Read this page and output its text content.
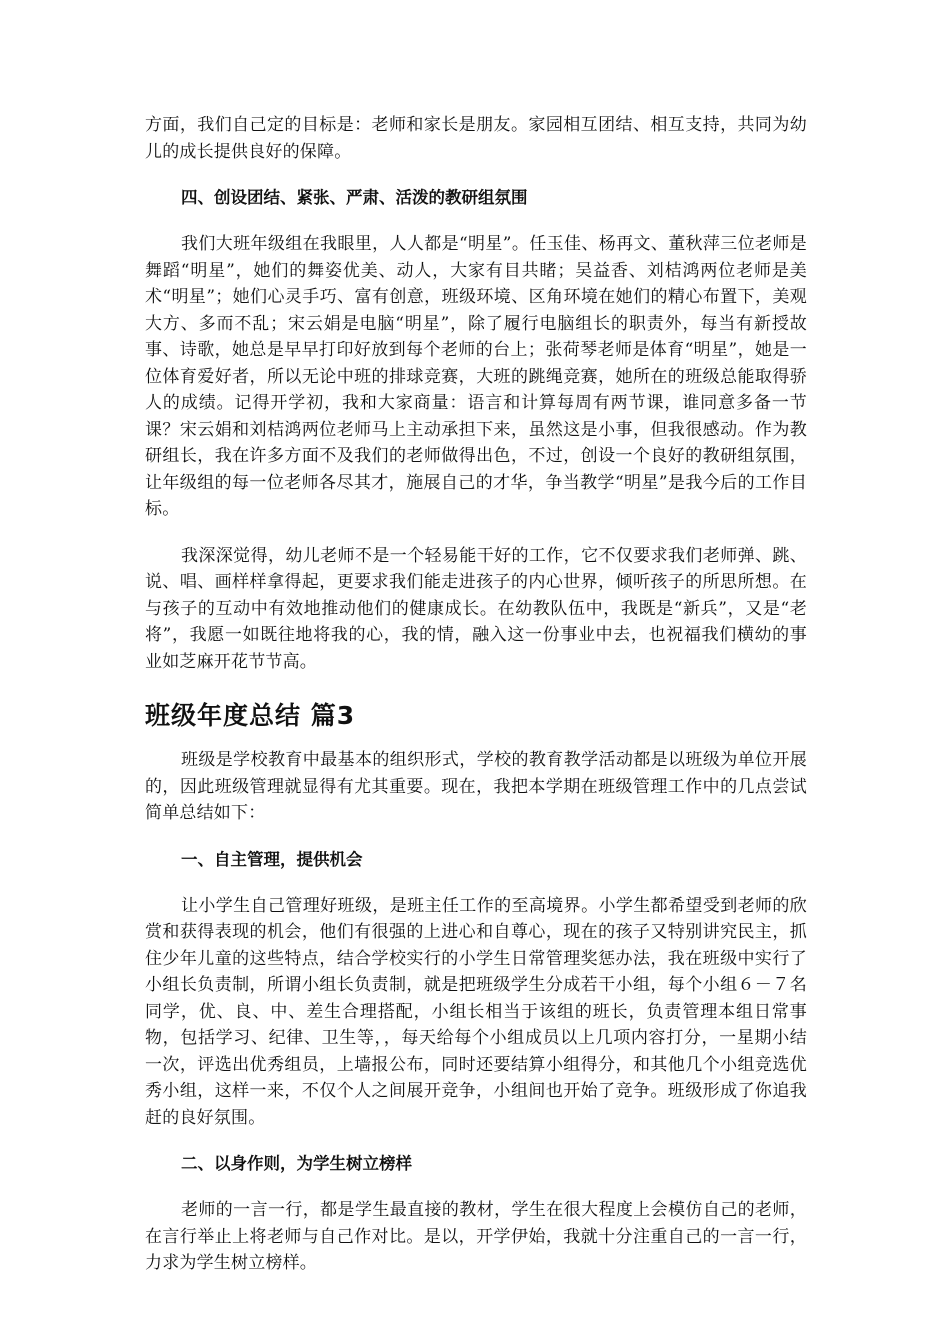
方面，我们自己定的目标是：老师和家长是朋友。家园相互团结、相互支持，共同为幼儿的成长提供良好的保障。

四、创设团结、紧张、严肃、活泼的教研组氛围

我们大班年级组在我眼里，人人都是“明星”。任玉佳、杨再文、董秋萍三位老师是舞蹈“明星”，她们的舞姿优美、动人，大家有目共睹；吴益香、刘桔鸿两位老师是美术“明星”；她们心灵手巧、富有创意，班级环境、区角环境在她们的精心布置下，美观大方、多而不乱；宋云娟是电脑“明星”，除了履行电脑组长的职责外，每当有新授故事、诗歌，她总是早早打印好放到每个老师的台上；张荷琴老师是体育“明星”，她是一位体育爱好者，所以无论中班的排球竞赛，大班的跳绳竞赛，她所在的班级总能取得骄人的成绩。记得开学初，我和大家商量：语言和计算每周有两节课，谁同意多备一节课？宋云娟和刘桔鸿两位老师马上主动承担下来，虽然这是小事，但我很感动。作为教研组长，我在许多方面不及我们的老师做得出色，不过，创设一个良好的教研组氛围，让年级组的每一位老师各尽其才，施展自己的才华，争当教学“明星”是我今后的工作目标。

我深深觉得，幼儿老师不是一个轻易能干好的工作，它不仅要求我们老师弹、跳、说、唱、画样样拿得起，更要求我们能走进孩子的内心世界，倾听孩子的所思所想。在与孩子的互动中有效地推动他们的健康成长。在幼教队伍中，我既是“新兵”，又是“老将”，我愿一如既往地将我的心，我的情，融入这一份事业中去，也祝福我们横幼的事业如芝麻开花节节高。

班级年度总结 篇3

班级是学校教育中最基本的组织形式，学校的教育教学活动都是以班级为单位开展的，因此班级管理就显得有尤其重要。现在，我把本学期在班级管理工作中的几点尝试简单总结如下：

一、自主管理，提供机会

让小学生自己管理好班级，是班主任工作的至高境界。小学生都希望受到老师的欣赏和获得表现的机会，他们有很强的上进心和自尊心，现在的孩子又特别讲究民主，抓住少年儿童的这些特点，结合学校实行的小学生日常管理奖惩办法，我在班级中实行了小组长负责制，所谓小组长负责制，就是把班级学生分成若干小组，每个小组６－７名同学，优、良、中、差生合理搭配，小组长相当于该组的班长，负责管理本组日常事物，包括学习、纪律、卫生等，，每天给每个小组成员以上几项内容打分，一星期小结一次，评选出优秀组员，上墙报公布，同时还要结算小组得分，和其他几个小组竞选优秀小组，这样一来，不仅个人之间展开竞争，小组间也开始了竞争。班级形成了你追我赶的良好氛围。

二、以身作则，为学生树立榜样

老师的一言一行，都是学生最直接的教材，学生在很大程度上会模仿自己的老师，在言行举止上将老师与自己作对比。是以，开学伊始，我就十分注重自己的一言一行，力求为学生树立榜样。
